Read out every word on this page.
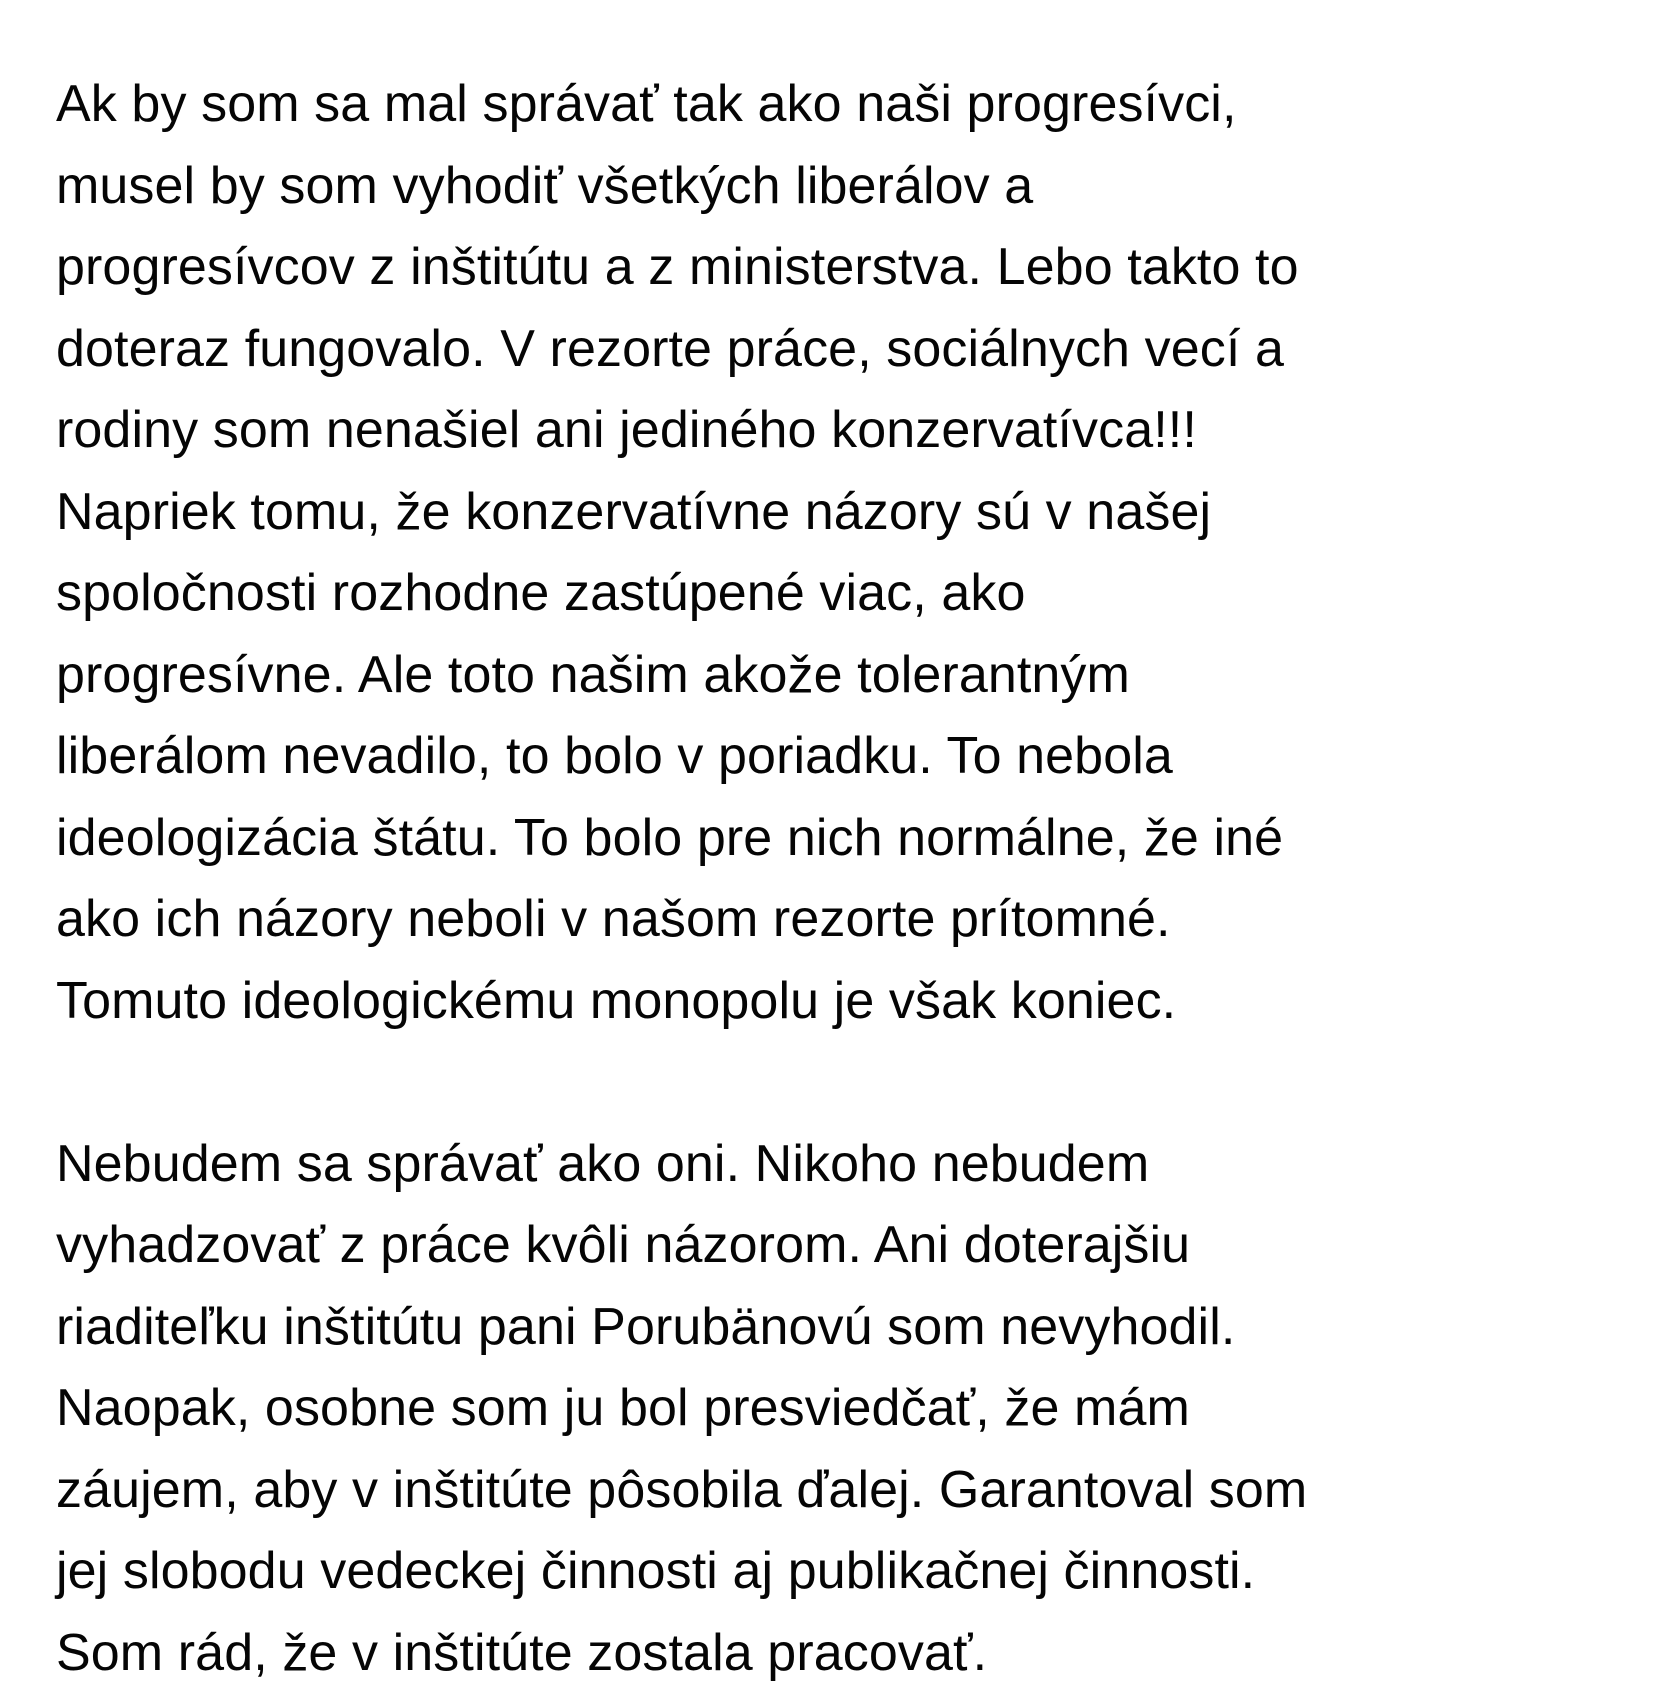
Ak by som sa mal správať tak ako naši progresívci,
musel by som vyhodiť všetkých liberálov a
progresívcov z inštitútu a z ministerstva. Lebo takto to
doteraz fungovalo. V rezorte práce, sociálnych vecí a
rodiny som nenašiel ani jediného konzervatívca!!!
Napriek tomu, že konzervatívne názory sú v našej
spoločnosti rozhodne zastúpené viac, ako
progresívne. Ale toto našim akože tolerantným
liberálom nevadilo, to bolo v poriadku. To nebola
ideologizácia štátu. To bolo pre nich normálne, že iné
ako ich názory neboli v našom rezorte prítomné.
Tomuto ideologickému monopolu je však koniec.
Nebudem sa správať ako oni. Nikoho nebudem
vyhadzovať z práce kvôli názorom. Ani doterajšiu
riaditeľku inštitútu pani Porubänovú som nevyhodil.
Naopak, osobne som ju bol presviedčať, že mám
záujem, aby v inštitúte pôsobila ďalej. Garantoval som
jej slobodu vedeckej činnosti aj publikačnej činnosti.
Som rád, že v inštitúte zostala pracovať.
